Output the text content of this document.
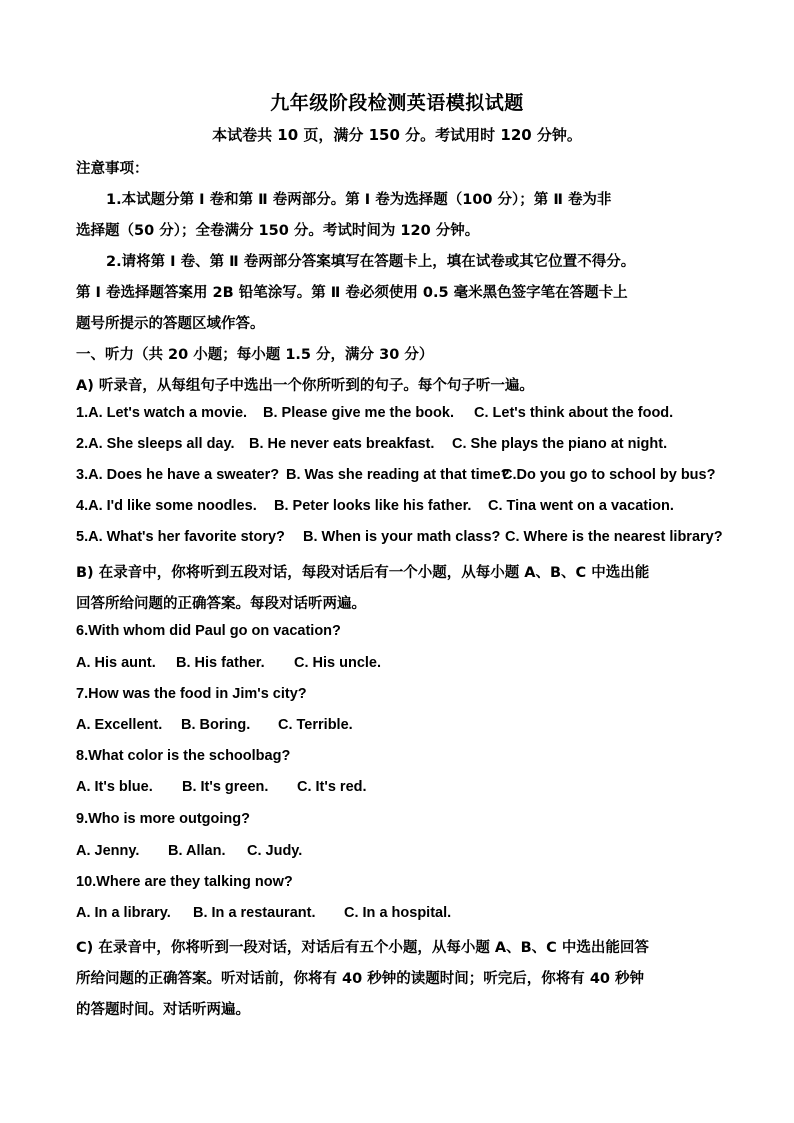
九年级阶段检测英语模拟试题
本试卷共 10 页，满分 150 分。考试用时 120 分钟。
注意事项：
1.本试题分第 Ⅰ 卷和第 Ⅱ 卷两部分。第 Ⅰ 卷为选择题（100 分）；第 Ⅱ 卷为非
选择题（50 分）；全卷满分 150 分。考试时间为 120 分钟。
2.请将第 Ⅰ 卷、第 Ⅱ 卷两部分答案填写在答题卡上，填在试卷或其它位置不得分。
第 Ⅰ 卷选择题答案用 2B 铅笔涂写。第 Ⅱ 卷必须使用 0.5 毫米黑色签字笔在答题卡上
题号所提示的答题区域作答。
一、听力（共 20 小题；每小题 1.5 分，满分 30 分）
A) 听录音，从每组句子中选出一个你所听到的句子。每个句子听一遍。
1.A. Let's watch a movie. B. Please give me the book. C. Let's think about the food.
2.A. She sleeps all day. B. He never eats breakfast. C. She plays the piano at night.
3.A. Does he have a sweater? B. Was she reading at that time?C.Do you go to school by bus?
4.A. I'd like some noodles. B. Peter looks like his father. C. Tina went on a vacation.
5.A. What's her favorite story? B. When is your math class? C. Where is the nearest library?
B) 在录音中，你将听到五段对话，每段对话后有一个小题，从每小题 A、B、C 中选出能
回答所给问题的正确答案。每段对话听两遍。
6.With whom did Paul go on vacation?
A. His aunt. B. His father. C. His uncle.
7.How was the food in Jim's city?
A. Excellent. B. Boring. C. Terrible.
8.What color is the schoolbag?
A. It's blue. B. It's green. C. It's red.
9.Who is more outgoing?
A. Jenny. B. Allan. C. Judy.
10.Where are they talking now?
A. In a library. B. In a restaurant. C. In a hospital.
C) 在录音中，你将听到一段对话，对话后有五个小题，从每小题 A、B、C 中选出能回答
所给问题的正确答案。听对话前，你将有 40 秒钟的读题时间；听完后，你将有 40 秒钟
的答题时间。对话听两遍。
